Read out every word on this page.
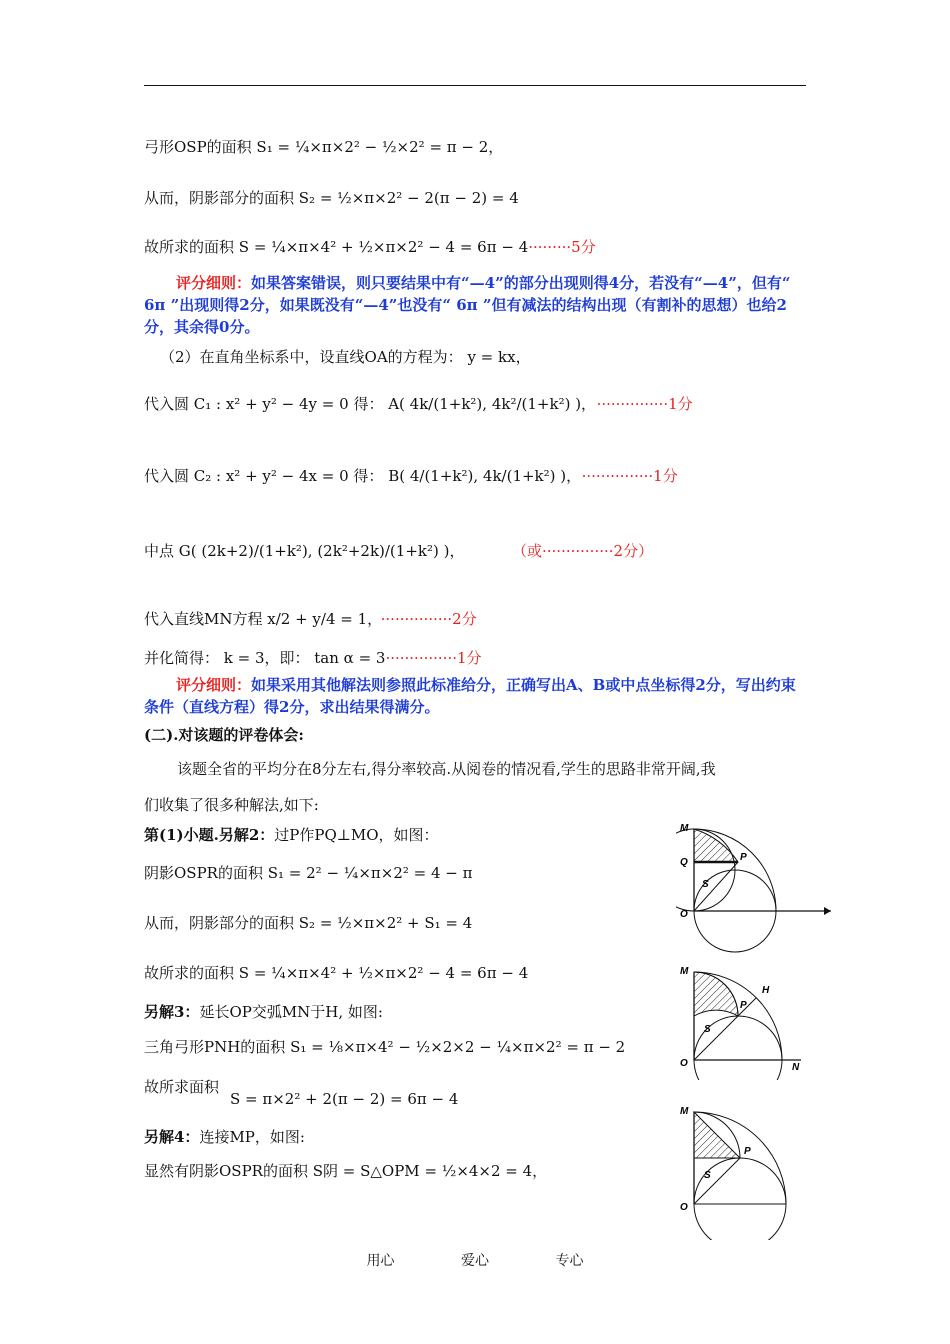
弓形OSP的面积 S₁ = ¼×π×2² − ½×2² = π − 2，
从而，阴影部分的面积 S₂ = ½×π×2² − 2(π − 2) = 4
故所求的面积 S = ¼×π×4² + ½×π×2² − 4 = 6π − 4·········5分
评分细则：如果答案错误，则只要结果中有“—4”的部分出现则得4分，若没有“—4”，但有“ 6π ”出现则得2分，如果既没有“—4”也没有“ 6π ”但有减法的结构出现（有割补的思想）也给2分，其余得0分。
（2）在直角坐标系中，设直线OA的方程为： y = kx，
代入圆 C₁ : x² + y² − 4y = 0 得： A( 4k/(1+k²), 4k²/(1+k²) )， ···············1分
代入圆 C₂ : x² + y² − 4x = 0 得： B( 4/(1+k²), 4k/(1+k²) )， ···············1分
中点 G( (2k+2)/(1+k²), (2k²+2k)/(1+k²) )，	（或···············2分）
代入直线MN方程 x/2 + y/4 = 1， ···············2分
并化简得： k = 3，即： tan α = 3···············1分
评分细则：如果采用其他解法则参照此标准给分，正确写出A、B或中点坐标得2分，写出约束条件（直线方程）得2分，求出结果得满分。
(二).对该题的评卷体会:
该题全省的平均分在8分左右,得分率较高.从阅卷的情况看,学生的思路非常开阔,我
们收集了很多种解法,如下:
第(1)小题.另解2：过P作PQ⊥MO，如图：
阴影OSPR的面积 S₁ = 2² − ¼×π×2² = 4 − π
从而，阴影部分的面积 S₂ = ½×π×2² + S₁ = 4
故所求的面积 S = ¼×π×4² + ½×π×2² − 4 = 6π − 4
另解3：延长OP交弧MN于H, 如图:
三角弓形PNH的面积 S₁ = ⅛×π×4² − ½×2×2 − ¼×π×2² = π − 2
故所求面积
S = π×2² + 2(π − 2) = 6π − 4
另解4：连接MP，如图:
显然有阴影OSPR的面积 S阴 = S△OPM = ½×4×2 = 4，
M
Q	P
S
O
M
H
P
S
O	N
M
P
S
O
用心	爱心	专心
